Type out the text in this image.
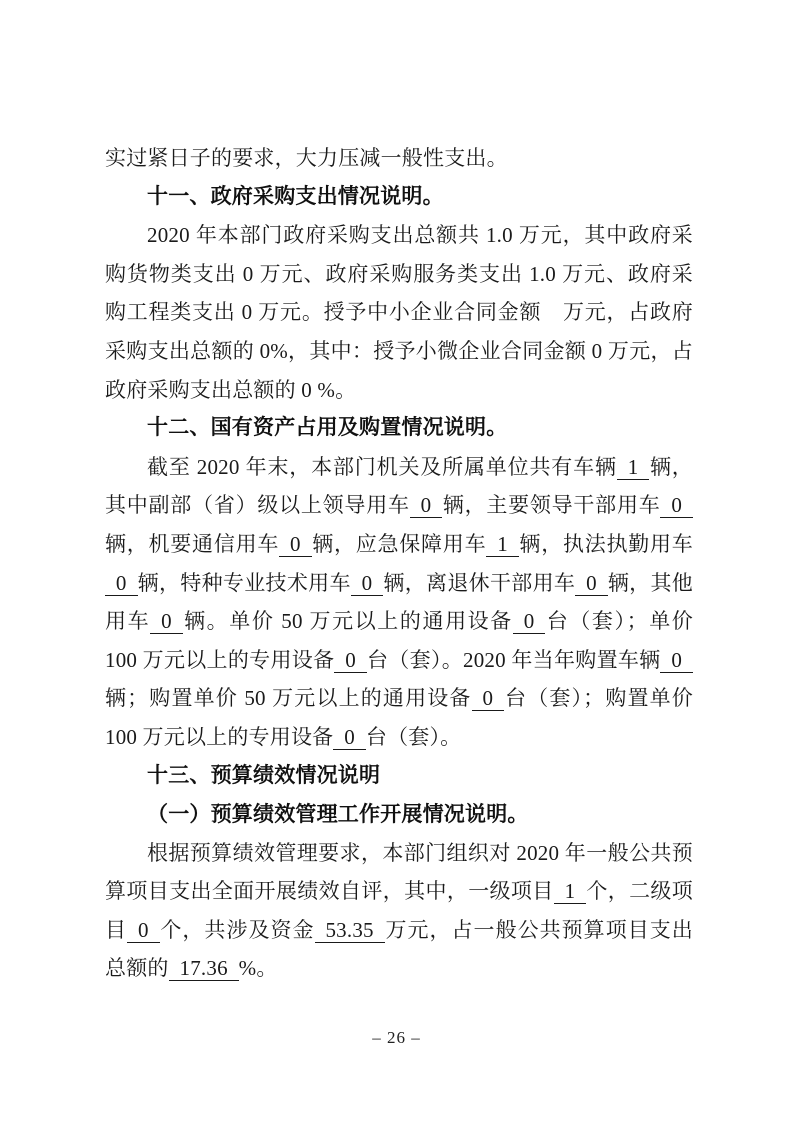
实过紧日子的要求，大力压减一般性支出。

十一、政府采购支出情况说明。

2020 年本部门政府采购支出总额共 1.0 万元，其中政府采购货物类支出 0 万元、政府采购服务类支出 1.0 万元、政府采购工程类支出 0 万元。授予中小企业合同金额　万元，占政府采购支出总额的 0%，其中：授予小微企业合同金额 0 万元，占政府采购支出总额的 0 %。

十二、国有资产占用及购置情况说明。

截至 2020 年末，本部门机关及所属单位共有车辆 1 辆，其中副部（省）级以上领导用车 0 辆，主要领导干部用车 0辆，机要通信用车 0 辆，应急保障用车 1 辆，执法执勤用车0 辆，特种专业技术用车 0 辆，离退休干部用车 0 辆，其他用车 0 辆。单价 50 万元以上的通用设备 0 台（套）；单价 100 万元以上的专用设备 0 台（套）。2020 年当年购置车辆 0辆；购置单价 50 万元以上的通用设备 0 台（套）；购置单价 100 万元以上的专用设备 0 台（套）。

十三、预算绩效情况说明

（一）预算绩效管理工作开展情况说明。

根据预算绩效管理要求，本部门组织对 2020 年一般公共预算项目支出全面开展绩效自评，其中，一级项目 1 个，二级项目 0 个，共涉及资金 53.35 万元，占一般公共预算项目支出总额的 17.36 %。

– 26 –
